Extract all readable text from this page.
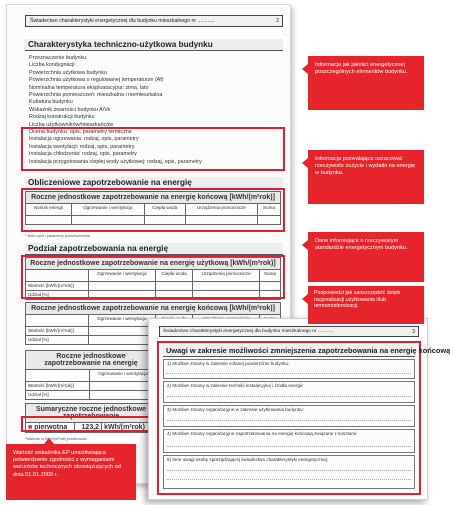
Świadectwo charakterystyki energetycznej dla budynku mieszkalnego nr ............	2
Charakterystyka techniczno-użytkowa budynku
Przeznaczenie budynku
Liczba kondygnacji
Powierzchnia użytkowa budynku
Powierzchnia użytkowa o regulowanej temperaturze (Af)
Nominalna temperatura eksploatacyjna: zima, lato
Powierzchnia pomieszczeń: mieszkalna i niemieszkalna
Kubatura budynku
Wskaźnik zwartości budynku A/Ve
Rodzaj konstrukcji budynku
Liczba użytkowników/mieszkańców
Ocena budynku: opis, parametry termiczne
Instalacja ogrzewania: rodzaj, opis, parametry
Instalacja wentylacji: rodzaj, opis, parametry
Instalacja chłodzenia: rodzaj, opis, parametry
Instalacja przygotowania ciepłej wody użytkowej: rodzaj, opis, parametry
Obliczeniowe zapotrzebowanie na energię
Roczne jednostkowe zapotrzebowanie na energię końcową [kWh/(m²rok)]				
Nośnik energii	Ogrzewanie i wentylacja	Ciepła woda	Urządzenia pomocnicze	Suma

* Ilość cykli i parametry pomieszczenia
Podział zapotrzebowania na energię
Roczne jednostkowe zapotrzebowanie na energię użytkową [kWh/(m²rok)]				
	Ogrzewanie i wentylacja	Ciepła woda	Urządzenia pomocnicze	Suma
Wartość [kWh/(m²rok)]				
Udział [%]				
Roczne jednostkowe zapotrzebowanie na energię końcową [kWh/(m²rok)]				
	Ogrzewanie i wentylacja			
Wartość [kWh/(m²rok)]				
Udział [%]				
Roczne jednostkowe zapotrzebowanie na energię	
	Ogrzewanie i wentylacja
Wartość [kWh/(m²rok)]	
Udział [%]	
Sumaryczne roczne jednostkowe zapotrzebowanie
■ pierwotna	123,2	kWh/(m²rok)
*Wartość w kWh/(m²rok) przeliczona...
Świadectwo charakterystyki energetycznej dla budynku mieszkalnego nr ............	3
Uwagi w zakresie możliwości zmniejszenia zapotrzebowania na energię końcową
1) Możliwe zmiany w zakresie cofanej powierzchni budynku:
2) Możliwe zmiany w zakresie techniki instalacyjnej i źródła energii:
3) Możliwe zmiany organizacyjne w zakresie użytkowania budynku:
4) Możliwe zmiany organizacyjne zapotrzebowania na energię końcową związane z kosztami:
5) Inne uwagi osoby sporządzającej świadectwo charakterystyki energetycznej:
Informacja jak jakości energetycznej poszczególnych elementów budynku.
Informacja pozwalająca oszacować rzeczywiste zużycie i wydatki na energię w budynku.
Dane informujące o rzeczywistym standardzie energetycznym budynku.
Podpowiedzi jak zaoszczędzić dzięki racjonalizacji użytkowania i/lub termomodernizacji.
Wartość wskaźnika EP umożliwiająca potwierdzenie zgodności z wymaganiami warunków technicznych obowiązujących od dnia 01.01.2009 r.
